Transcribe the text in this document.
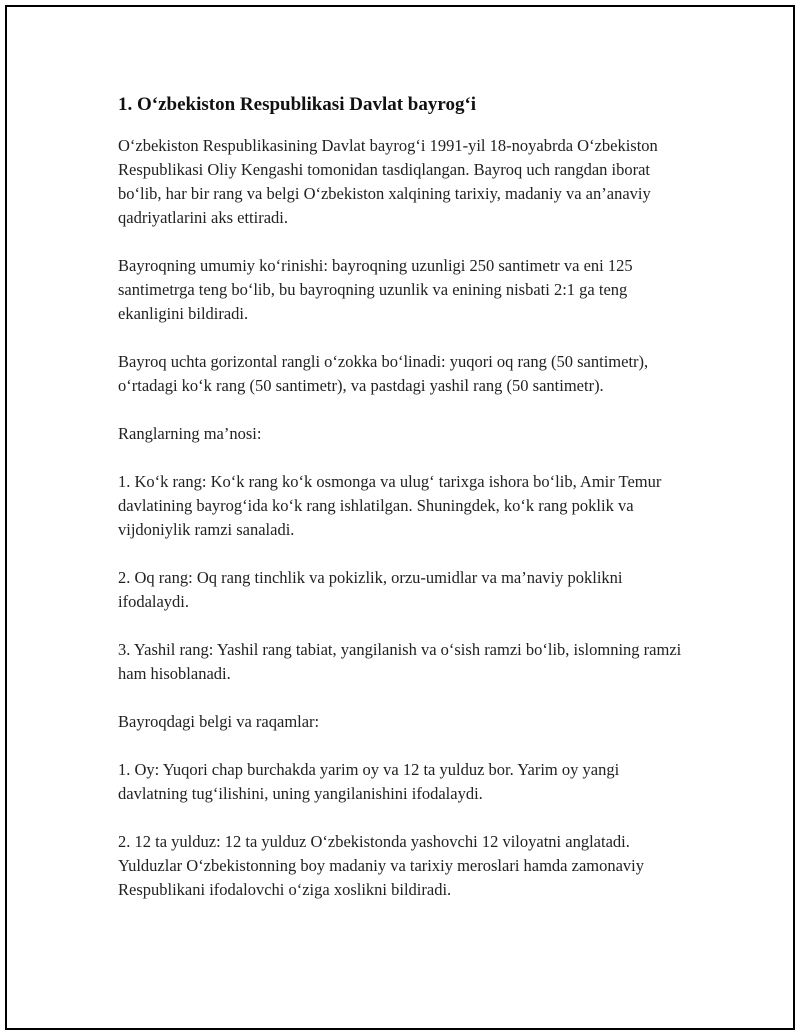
1. O‘zbekiston Respublikasi Davlat bayrog‘i

O‘zbekiston Respublikasining Davlat bayrog‘i 1991-yil 18-noyabrda O‘zbekiston Respublikasi Oliy Kengashi tomonidan tasdiqlangan. Bayroq uch rangdan iborat bo‘lib, har bir rang va belgi O‘zbekiston xalqining tarixiy, madaniy va an’anaviy qadriyatlarini aks ettiradi.

Bayroqning umumiy ko‘rinishi: bayroqning uzunligi 250 santimetr va eni 125 santimetrga teng bo‘lib, bu bayroqning uzunlik va enining nisbati 2:1 ga teng ekanligini bildiradi.

Bayroq uchta gorizontal rangli o‘zokka bo‘linadi: yuqori oq rang (50 santimetr), o‘rtadagi ko‘k rang (50 santimetr), va pastdagi yashil rang (50 santimetr).

Ranglarning ma’nosi:

1. Ko‘k rang: Ko‘k rang ko‘k osmonga va ulug‘ tarixga ishora bo‘lib, Amir Temur davlatining bayrog‘ida ko‘k rang ishlatilgan. Shuningdek, ko‘k rang poklik va vijdoniylik ramzi sanaladi.

2. Oq rang: Oq rang tinchlik va pokizlik, orzu-umidlar va ma’naviy poklikni ifodalaydi.

3. Yashil rang: Yashil rang tabiat, yangilanish va o‘sish ramzi bo‘lib, islomning ramzi ham hisoblanadi.

Bayroqdagi belgi va raqamlar:

1. Oy: Yuqori chap burchakda yarim oy va 12 ta yulduz bor. Yarim oy yangi davlatning tug‘ilishini, uning yangilanishini ifodalaydi.

2. 12 ta yulduz: 12 ta yulduz O‘zbekistonda yashovchi 12 viloyatni anglatadi. Yulduzlar O‘zbekistonning boy madaniy va tarixiy meroslari hamda zamonaviy Respublikani ifodalovchi o‘ziga xoslikni bildiradi.
